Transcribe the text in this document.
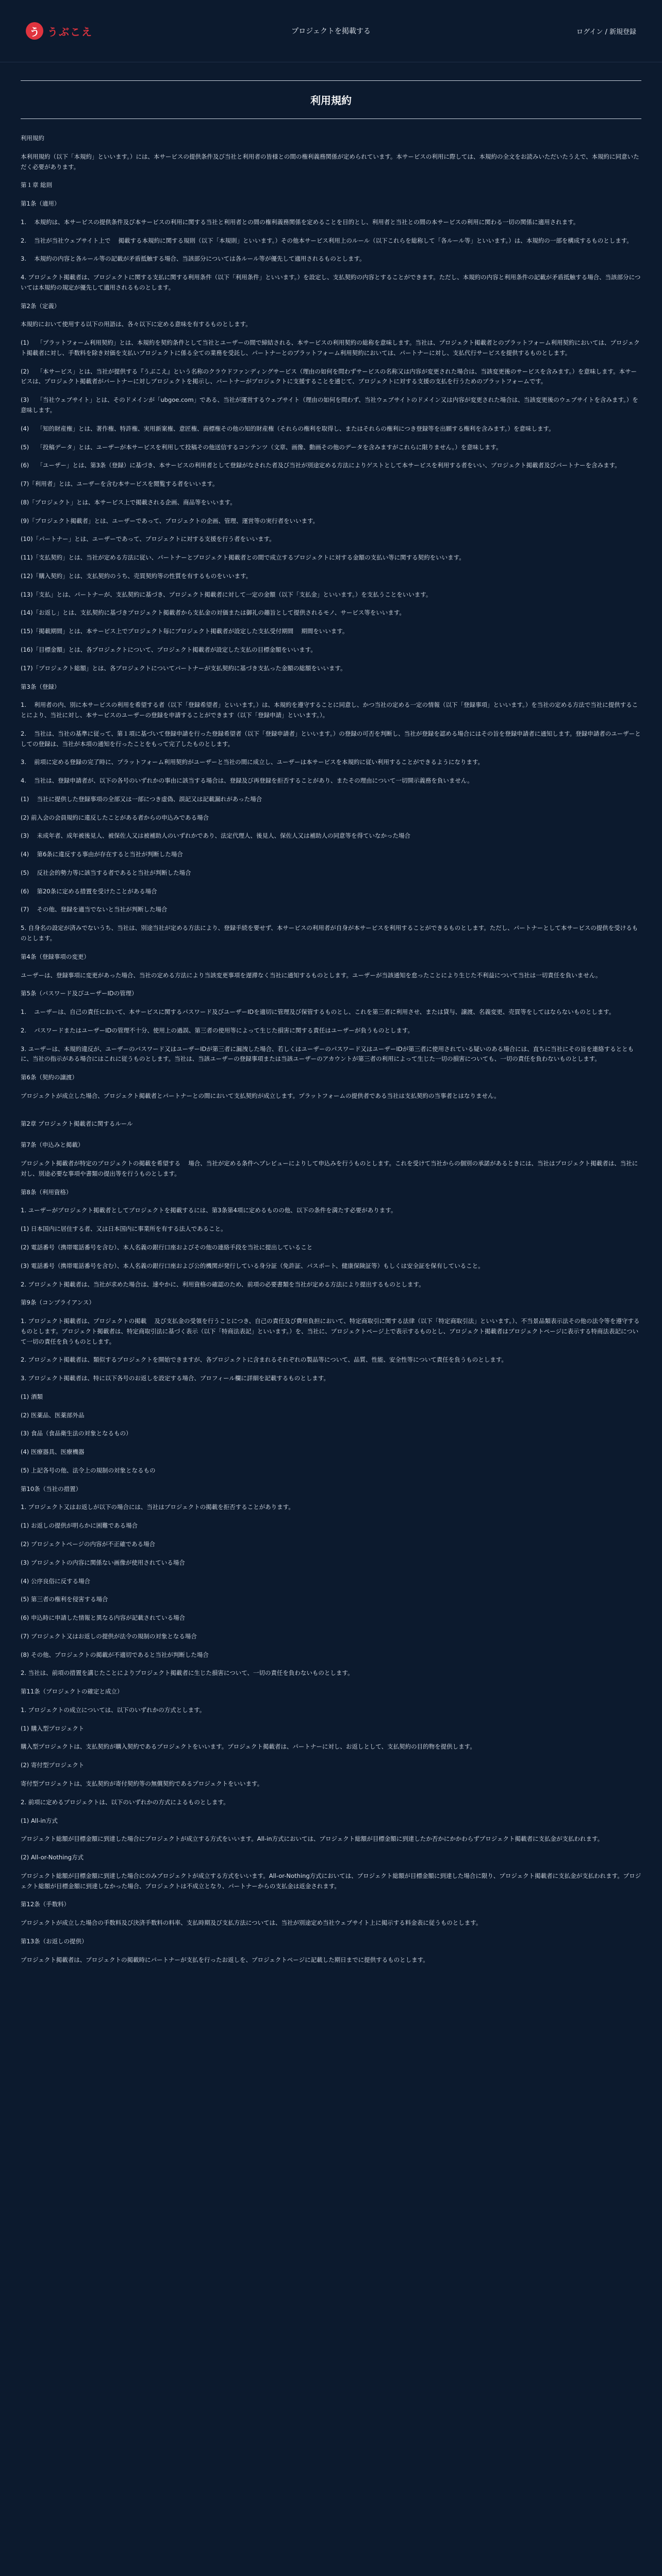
う うぶこえ	プロジェクトを掲載する	ログイン / 新規登録
利用規約
利用規約

本利用規約（以下「本規約」といいます。）には、本サービスの提供条件及び当社と利用者の皆様との間の権利義務関係が定められています。本サービスの利用に際しては、本規約の全文をお読みいただいたうえで、本規約に同意いただく必要があります。

第１章 総則
第1条（適用）

1.　 本規約は、本サービスの提供条件及び本サービスの利用に関する当社と利用者との間の権利義務関係を定めることを目的とし、利用者と当社との間の本サービスの利用に関わる一切の関係に適用されます。

2.　 当社が当社ウェブサイト上で　 掲載する本規約に関する規則（以下「本規則」といいます。）その他本サービス利用上のルール（以下これらを総称して「各ルール等」といいます。）は、本規約の一部を構成するものとします。

3.　 本規約の内容と各ルール等の記載が矛盾抵触する場合、当該部分については各ルール等が優先して適用されるものとします。

4. プロジェクト掲載者は、プロジェクトに関する支払に関する利用条件（以下「利用条件」といいます。）を設定し、支払契約の内容とすることができます。ただし、本規約の内容と利用条件の記載が矛盾抵触する場合、当該部分については本規約の規定が優先して適用されるものとします。

第2条（定義）

本規約において使用する以下の用語は、各々以下に定める意味を有するものとします。

(1)　 「プラットフォーム利用契約」とは、本規約を契約条件として当社とユーザーの間で締結される、本サービスの利用契約の総称を意味します。当社は、プロジェクト掲載者とのプラットフォーム利用契約においては、プロジェクト掲載者に対し、手数料を除き対価を支払いプロジェクトに係る全ての業務を受託し、パートナーとのプラットフォーム利用契約においては、パートナーに対し、支払代行サービスを提供するものとします。

(2)　 「本サービス」とは、当社が提供する『うぶこえ』という名称のクラウドファンディングサービス（理由の如何を問わずサービスの名称又は内容が変更された場合は、当該変更後のサービスを含みます。）を意味します。本サービスは、プロジェクト掲載者がパートナーに対しプロジェクトを掲示し、パートナーがプロジェクトに支援することを通じて、プロジェクトに対する支援の支払を行うためのプラットフォームです。

(3)　 「当社ウェブサイト」とは、そのドメインが「ubgoe.com」である、当社が運営するウェブサイト（理由の如何を問わず、当社ウェブサイトのドメイン又は内容が変更された場合は、当該変更後のウェブサイトを含みます。）を意味します。

(4)　 「知的財産権」とは、著作権、特許権、実用新案権、意匠権、商標権その他の知的財産権（それらの権利を取得し、またはそれらの権利につき登録等を出願する権利を含みます。）を意味します。

(5)　 「投稿データ」とは、ユーザーが本サービスを利用して投稿その他送信するコンテンツ（文章、画像、動画その他のデータを含みますがこれらに限りません。）を意味します。

(6)　 「ユーザー」とは、第3条（登録）に基づき、本サービスの利用者として登録がなされた者及び当社が別途定める方法によりゲストとして本サービスを利用する者をいい、プロジェクト掲載者及びパートナーを含みます。

(7)「利用者」とは、ユーザーを含む本サービスを閲覧する者をいいます。

(8)「プロジェクト」とは、本サービス上で掲載される企画、商品等をいいます。

(9)「プロジェクト掲載者」とは、ユーザーであって、プロジェクトの企画、管理、運営等の実行者をいいます。

(10)「パートナー」とは、ユーザーであって、プロジェクトに対する支援を行う者をいいます。

(11)「支払契約」とは、当社が定める方法に従い、パートナーとプロジェクト掲載者との間で成立するプロジェクトに対する金額の支払い等に関する契約をいいます。

(12)「購入契約」とは、支払契約のうち、売買契約等の性質を有するものをいいます。

(13)「支払」とは、パートナーが、支払契約に基づき、プロジェクト掲載者に対して一定の金額（以下「支払金」といいます。）を支払うことをいいます。

(14)「お返し」とは、支払契約に基づきプロジェクト掲載者から支払金の対価または御礼の趣旨として提供されるモノ、サービス等をいいます。

(15)「掲載期間」とは、本サービス上でプロジェクト毎にプロジェクト掲載者が設定した支払受付期間　 期間をいいます。

(16)「目標金額」とは、各プロジェクトについて、プロジェクト掲載者が設定した支払の目標金額をいいます。

(17)「プロジェクト総額」とは、各プロジェクトについてパートナーが支払契約に基づき支払った金額の総額をいいます。

第3条（登録）

1.　 利用者の内、別に本サービスの利用を希望する者（以下「登録希望者」といいます。）は、本規約を遵守することに同意し、かつ当社の定める一定の情報（以下「登録事項」といいます。）を当社の定める方法で当社に提供することにより、当社に対し、本サービスのユーザーの登録を申請することができます（以下「登録申請」といいます。）。

2.　 当社は、当社の基準に従って、第１項に基づいて登録申請を行った登録希望者（以下「登録申請者」といいます。）の登録の可否を判断し、当社が登録を認める場合にはその旨を登録申請者に通知します。登録申請者のユーザーとしての登録は、当社が本項の通知を行ったことをもって完了したものとします。

3.　 前項に定める登録の完了時に、プラットフォーム利用契約がユーザーと当社の間に成立し、ユーザーは本サービスを本規約に従い利用することができるようになります。

4.　 当社は、登録申請者が、以下の各号のいずれかの事由に該当する場合は、登録及び再登録を拒否することがあり、またその理由について一切開示義務を負いません。

(1)　 当社に提供した登録事項の全部又は一部につき虚偽、誤記又は記載漏れがあった場合

(2) 前入会の会員規約に違反したことがある者からの申込みである場合

(3)　 未成年者、成年被後見人、被保佐人又は被補助人のいずれかであり、法定代理人、後見人、保佐人又は補助人の同意等を得ていなかった場合

(4)　 第6条に違反する事由が存在すると当社が判断した場合

(5)　 反社会的勢力等に該当する者であると当社が判断した場合

(6)　 第20条に定める措置を受けたことがある場合

(7)　 その他、登録を適当でないと当社が判断した場合

5. 自身名の設定が済みでないうち、当社は、別途当社が定める方法により、登録手続を要せず、本サービスの利用者が自身が本サービスを利用することができるものとします。ただし、パートナーとして本サービスの提供を受けるものとします。

第4条（登録事項の変更）

ユーザーは、登録事項に変更があった場合、当社の定める方法により当該変更事項を遅滞なく当社に通知するものとします。ユーザーが当該通知を怠ったことにより生じた不利益について当社は一切責任を負いません。

第5条（パスワード及びユーザーIDの管理）

1.　 ユーザーは、自己の責任において、本サービスに関するパスワード及びユーザーIDを適切に管理及び保管するものとし、これを第三者に利用させ、または貸与、譲渡、名義変更、売買等をしてはならないものとします。

2.　 パスワードまたはユーザーIDの管理不十分、使用上の過誤、第三者の使用等によって生じた損害に関する責任はユーザーが負うものとします。

3. ユーザーは、本規約違反が、ユーザーのパスワード又はユーザーIDが第三者に漏洩した場合、若しくはユーザーのパスワード又はユーザーIDが第三者に使用されている疑いのある場合には、直ちに当社にその旨を連絡するとともに、当社の指示がある場合にはこれに従うものとします。当社は、当該ユーザーの登録事項または当該ユーザーのアカウントが第三者の利用によって生じた一切の損害についても、一切の責任を負わないものとします。

第6条（契約の譲渡）

プロジェクトが成立した場合、プロジェクト掲載者とパートナーとの間において支払契約が成立します。プラットフォームの提供者である当社は支払契約の当事者とはなりません。

第2章 プロジェクト掲載者に関するルール
第7条（申込みと掲載）

プロジェクト掲載者が特定のプロジェクトの掲載を希望する　 場合、当社が定める条件へプレビューによりして申込みを行うものとします。これを受けて当社からの個別の承諾があるときには、当社はプロジェクト掲載者は、当社に対し、別途必要な事項や書類の提出等を行うものとします。

第8条（利用資格）

1. ユーザーがプロジェクト掲載者としてプロジェクトを掲載するには、第3条第4項に定めるものの他、以下の条件を満たす必要があります。

(1) 日本国内に居住する者、又は日本国内に事業所を有する法人であること。

(2) 電話番号（携帯電話番号を含む）、本人名義の銀行口座およびその他の連絡手段を当社に提出していること

(3) 電話番号（携帯電話番号を含む）、本人名義の銀行口座および公的機関が発行している身分証（免許証、パスポート、健康保険証等）もしくは安全証を保有していること。

2. プロジェクト掲載者は、当社が求めた場合は、速やかに、利用資格の確認のため、前項の必要書類を当社が定める方法により提出するものとします。

第9条（コンプライアンス）

1. プロジェクト掲載者は、プロジェクトの掲載　 及び支払金の受領を行うことにつき、自己の責任及び費用負担において、特定商取引に関する法律（以下「特定商取引法」といいます。）、不当景品類表示法その他の法令等を遵守するものとします。プロジェクト掲載者は、特定商取引法に基づく表示（以下「特商法表記」といいます。）を、当社に、プロジェクトページ上で表示するものとし、プロジェクト掲載者はプロジェクトページに表示する特商法表記について一切の責任を負うものとします。

2. プロジェクト掲載者は、類似するプロジェクトを開始できますが、各プロジェクトに含まれるそれぞれの製品等について、品質、性能、安全性等について責任を負うものとします。

3. プロジェクト掲載者は、特に以下各号のお返しを設定する場合、プロフィール欄に詳細を記載するものとします。

(1) 酒類

(2) 医薬品、医薬部外品

(3) 食品（食品衛生法の対象となるもの）

(4) 医療器具、医療機器

(5) 上記各号の他、法令上の規制の対象となるもの

第10条（当社の措置）

1. プロジェクト又はお返しが以下の場合には、当社はプロジェクトの掲載を拒否することがあります。

(1) お返しの提供が明らかに困難である場合

(2) プロジェクトページの内容が不正確である場合

(3) プロジェクトの内容に関係ない画像が使用されている場合

(4) 公序良俗に反する場合

(5) 第三者の権利を侵害する場合

(6) 申込時に申請した情報と異なる内容が記載されている場合

(7) プロジェクト又はお返しの提供が法令の規制の対象となる場合

(8) その他、プロジェクトの掲載が不適切であると当社が判断した場合

2. 当社は、前項の措置を講じたことによりプロジェクト掲載者に生じた損害について、一切の責任を負わないものとします。

第11条（プロジェクトの確定と成立）

1. プロジェクトの成立については、以下のいずれかの方式とします。

(1) 購入型プロジェクト

購入型プロジェクトは、支払契約が購入契約であるプロジェクトをいいます。プロジェクト掲載者は、パートナーに対し、お返しとして、支払契約の目的物を提供します。

(2) 寄付型プロジェクト

寄付型プロジェクトは、支払契約が寄付契約等の無償契約であるプロジェクトをいいます。

2. 前項に定めるプロジェクトは、以下のいずれかの方式によるものとします。

(1) All-in方式

プロジェクト総額が目標金額に到達した場合にプロジェクトが成立する方式をいいます。All-in方式においては、プロジェクト総額が目標金額に到達したか否かにかかわらずプロジェクト掲載者に支払金が支払われます。

(2) All-or-Nothing方式

プロジェクト総額が目標金額に到達した場合にのみプロジェクトが成立する方式をいいます。All-or-Nothing方式においては、プロジェクト総額が目標金額に到達した場合に限り、プロジェクト掲載者に支払金が支払われます。プロジェクト総額が目標金額に到達しなかった場合、プロジェクトは不成立となり、パートナーからの支払金は返金されます。

第12条（手数料）

プロジェクトが成立した場合の手数料及び決済手数料の料率、支払時期及び支払方法については、当社が別途定め当社ウェブサイト上に掲示する料金表に従うものとします。

第13条（お返しの提供）

プロジェクト掲載者は、プロジェクトの掲載時にパートナーが支払を行ったお返しを、プロジェクトページに記載した期日までに提供するものとします。
